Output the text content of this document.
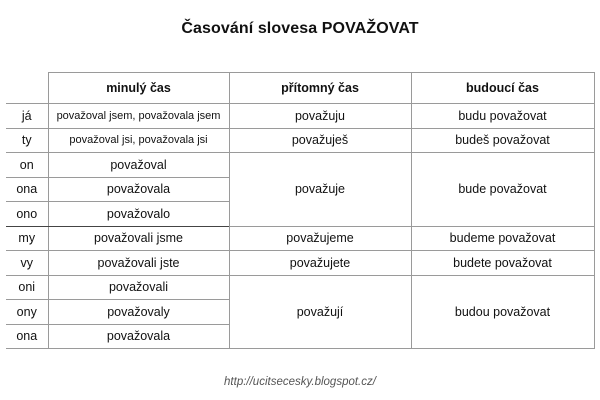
Časování slovesa POVAŽOVAT
	minulý čas	přítomný čas	budoucí čas
já	považoval jsem, považovala jsem	považuju	budu považovat
ty	považoval jsi, považovala jsi	považuješ	budeš považovat
on	považoval	považuje	bude považovat
ona	považovala		
ono	považovalo		
my	považovali jsme	považujeme	budeme považovat
vy	považovali jste	považujete	budete považovat
oni	považovali	považují	budou považovat
ony	považovaly		
ona	považovala		
http://ucitsecesky.blogspot.cz/
